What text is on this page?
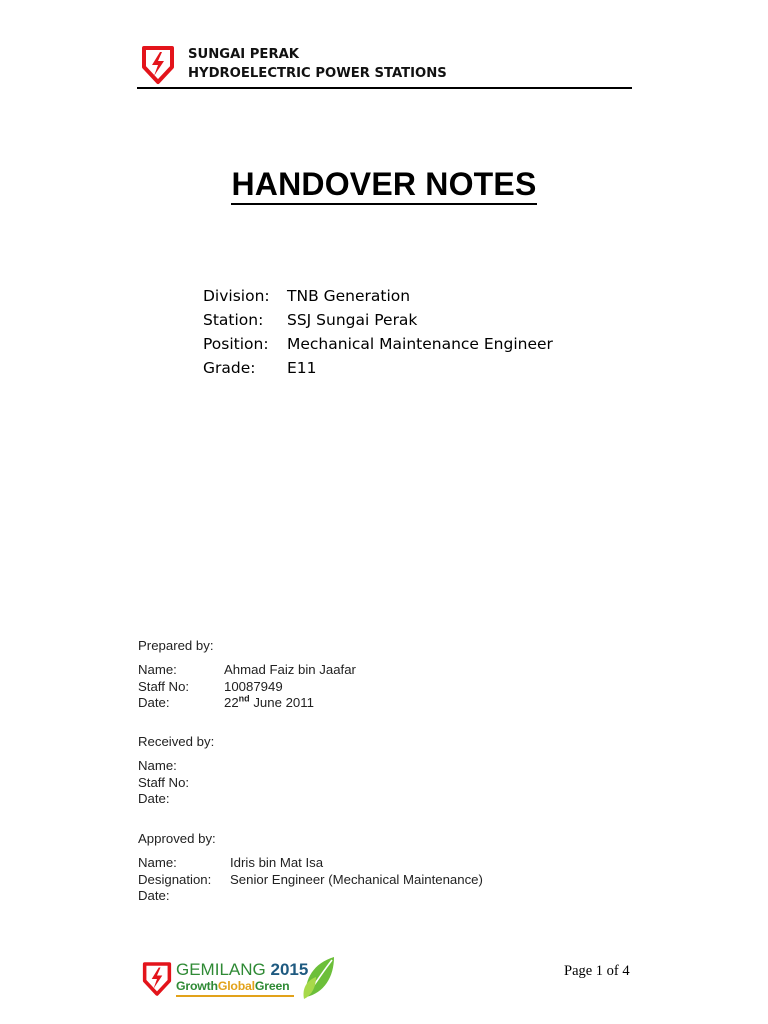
SUNGAI PERAK
HYDROELECTRIC POWER STATIONS
HANDOVER NOTES
Division:	TNB Generation
Station:	SSJ Sungai Perak
Position:	Mechanical Maintenance Engineer
Grade:	E11
Prepared by:
Name:	Ahmad Faiz bin Jaafar
Staff No:	10087949
Date:	22nd June 2011
Received by:
Name:
Staff No:
Date:
Approved by:
Name:	Idris bin Mat Isa
Designation:	Senior Engineer (Mechanical Maintenance)
Date:
GEMILANG 2015
GrowthGlobalGreen
Page 1 of 4
